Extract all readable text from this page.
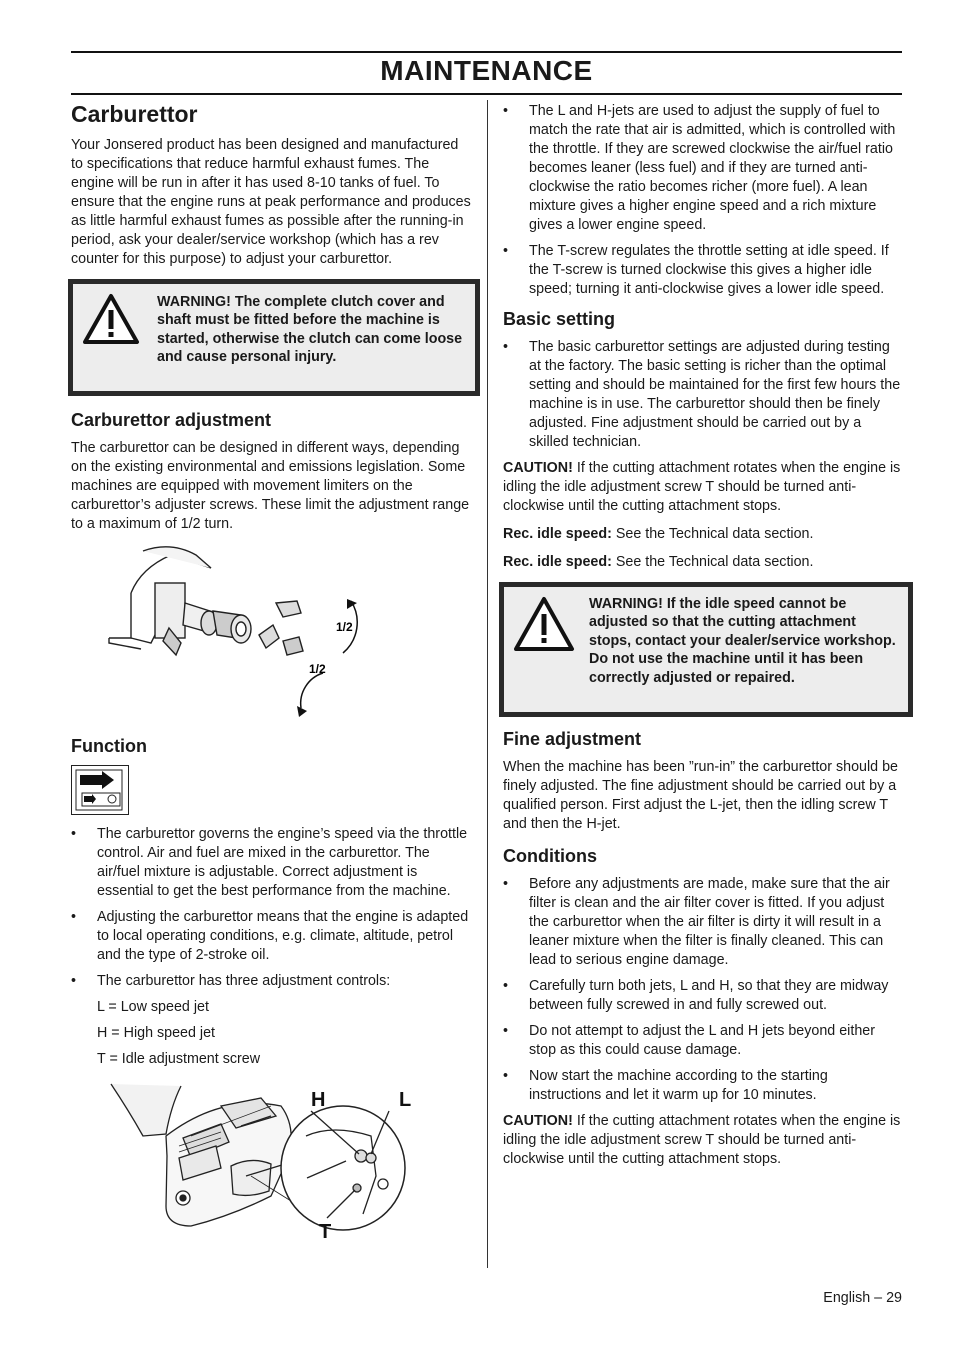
MAINTENANCE
Carburettor

Your Jonsered product has been designed and manufactured to specifications that reduce harmful exhaust fumes. The engine will be run in after it has used 8-10 tanks of fuel. To ensure that the engine runs at peak performance and produces as little harmful exhaust fumes as possible after the running-in period, ask your dealer/service workshop (which has a rev counter for this purpose) to adjust your carburettor.

WARNING! The complete clutch cover and shaft must be fitted before the machine is started, otherwise the clutch can come loose and cause personal injury.

Carburettor adjustment

The carburettor can be designed in different ways, depending on the existing environmental and emissions legislation. Some machines are equipped with movement limiters on the carburettor’s adjuster screws. These limit the adjustment range to a maximum of 1/2 turn.

1/2
1/2
Function
• The carburettor governs the engine’s speed via the throttle control. Air and fuel are mixed in the carburettor. The air/fuel mixture is adjustable. Correct adjustment is essential to get the best performance from the machine.
• Adjusting the carburettor means that the engine is adapted to local operating conditions, e.g. climate, altitude, petrol and the type of 2-stroke oil.
• The carburettor has three adjustment controls:

L = Low speed jet

H = High speed jet

T = Idle adjustment screw

H	L
T
• The L and H-jets are used to adjust the supply of fuel to match the rate that air is admitted, which is controlled with the throttle. If they are screwed clockwise the air/fuel ratio becomes leaner (less fuel) and if they are turned anti-clockwise the ratio becomes richer (more fuel). A lean mixture gives a higher engine speed and a rich mixture gives a lower engine speed.
• The T-screw regulates the throttle setting at idle speed. If the T-screw is turned clockwise this gives a higher idle speed; turning it anti-clockwise gives a lower idle speed.
Basic setting
• The basic carburettor settings are adjusted during testing at the factory. The basic setting is richer than the optimal setting and should be maintained for the first few hours the machine is in use. The carburettor should then be finely adjusted. Fine adjustment should be carried out by a skilled technician.

CAUTION! If the cutting attachment rotates when the engine is idling the idle adjustment screw T should be turned anti-clockwise until the cutting attachment stops.

Rec. idle speed: See the Technical data section.

Rec. idle speed: See the Technical data section.

WARNING! If the idle speed cannot be adjusted so that the cutting attachment stops, contact your dealer/service workshop. Do not use the machine until it has been correctly adjusted or repaired.

Fine adjustment

When the machine has been ”run-in” the carburettor should be finely adjusted. The fine adjustment should be carried out by a qualified person. First adjust the L-jet, then the idling screw T and then the H-jet.

Conditions
• Before any adjustments are made, make sure that the air filter is clean and the air filter cover is fitted. If you adjust the carburettor when the air filter is dirty it will result in a leaner mixture when the filter is finally cleaned. This can lead to serious engine damage.
• Carefully turn both jets, L and H, so that they are midway between fully screwed in and fully screwed out.
• Do not attempt to adjust the L and H jets beyond either stop as this could cause damage.
• Now start the machine according to the starting instructions and let it warm up for 10 minutes.

CAUTION! If the cutting attachment rotates when the engine is idling the idle adjustment screw T should be turned anti-clockwise until the cutting attachment stops.

English – 29
